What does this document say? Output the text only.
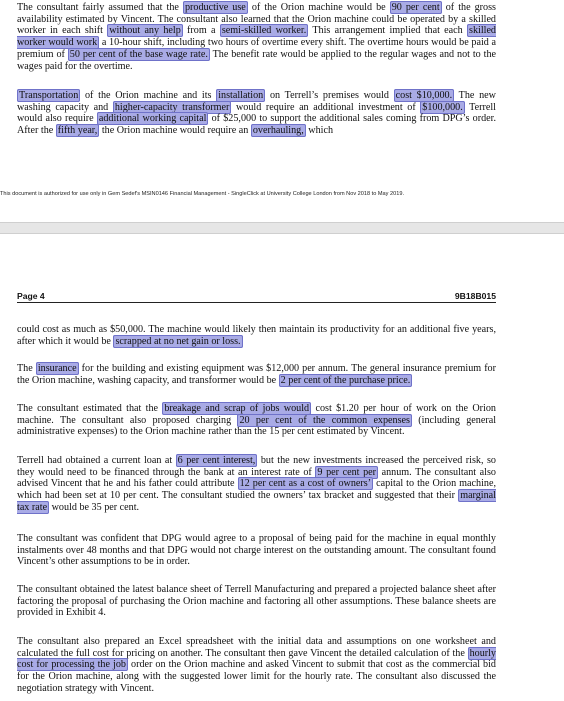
The consultant fairly assumed that the productive use of the Orion machine would be 90 per cent of the gross availability estimated by Vincent. The consultant also learned that the Orion machine could be operated by a skilled worker in each shift without any help from a semi-skilled worker. This arrangement implied that each skilled worker would work a 10-hour shift, including two hours of overtime every shift. The overtime hours would be paid a premium of 50 per cent of the base wage rate. The benefit rate would be applied to the regular wages and not to the wages paid for the overtime.

Transportation of the Orion machine and its installation on Terrell’s premises would cost $10,000. The new washing capacity and higher-capacity transformer would require an additional investment of $100,000. Terrell would also require additional working capital of $25,000 to support the additional sales coming from DPG’s order. After the fifth year, the Orion machine would require an overhauling, which

This document is authorized for use only in Gem Sedef's MSIN0146 Financial Management - SingleClick at University College London from Nov 2018 to May 2019.
Page 4	9B18B015

could cost as much as $50,000. The machine would likely then maintain its productivity for an additional five years, after which it would be scrapped at no net gain or loss.

The insurance for the building and existing equipment was $12,000 per annum. The general insurance premium for the Orion machine, washing capacity, and transformer would be 2 per cent of the purchase price.

The consultant estimated that the breakage and scrap of jobs would cost $1.20 per hour of work on the Orion machine. The consultant also proposed charging 20 per cent of the common expenses (including general administrative expenses) to the Orion machine rather than the 15 per cent estimated by Vincent.

Terrell had obtained a current loan at 6 per cent interest, but the new investments increased the perceived risk, so they would need to be financed through the bank at an interest rate of 9 per cent per annum. The consultant also advised Vincent that he and his father could attribute 12 per cent as a cost of owners’ capital to the Orion machine, which had been set at 10 per cent. The consultant studied the owners’ tax bracket and suggested that their marginal tax rate would be 35 per cent.

The consultant was confident that DPG would agree to a proposal of being paid for the machine in equal monthly instalments over 48 months and that DPG would not charge interest on the outstanding amount. The consultant found Vincent’s other assumptions to be in order.

The consultant obtained the latest balance sheet of Terrell Manufacturing and prepared a projected balance sheet after factoring the proposal of purchasing the Orion machine and factoring all other assumptions. These balance sheets are provided in Exhibit 4.

The consultant also prepared an Excel spreadsheet with the initial data and assumptions on one worksheet and calculated the full cost for pricing on another. The consultant then gave Vincent the detailed calculation of the hourly cost for processing the job order on the Orion machine and asked Vincent to submit that cost as the commercial bid for the Orion machine, along with the suggested lower limit for the hourly rate. The consultant also discussed the negotiation strategy with Vincent.
